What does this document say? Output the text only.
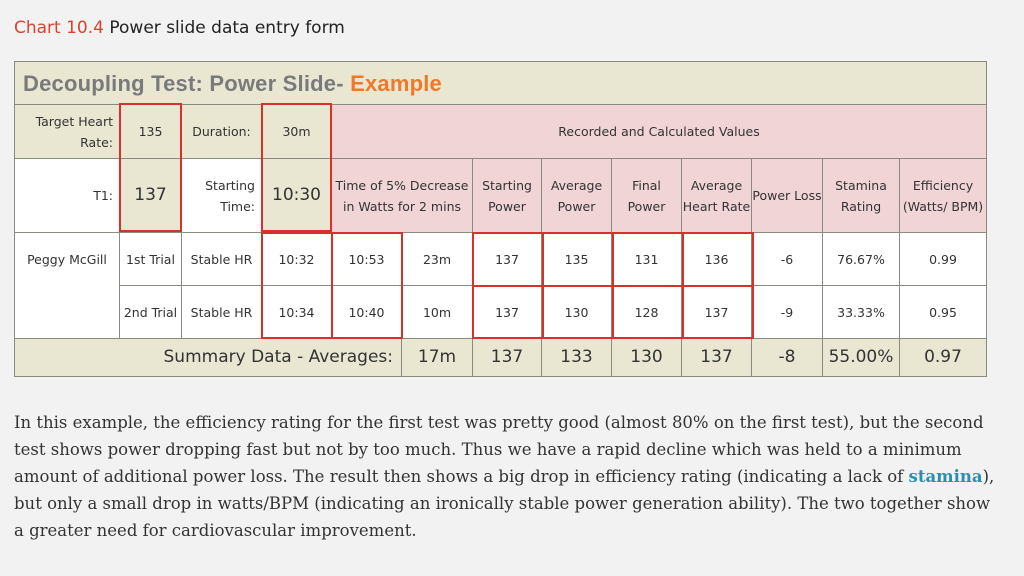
Chart 10.4 Power slide data entry form
Decoupling Test: Power Slide- Example												
Target Heart Rate:	135	Duration:	30m	Recorded and Calculated Values								
T1:	137	Starting Time:	10:30	Time of 5% Decrease in Watts for 2 mins		Starting Power	Average Power	Final Power	Average Heart Rate	Power Loss	Stamina Rating	Efficiency (Watts/ BPM)

Peggy McGill	1st Trial	Stable HR	10:32	10:53	23m	137	135	131	136	-6	76.67%	0.99
	2nd Trial	Stable HR	10:34	10:40	10m	137	130	128	137	-9	33.33%	0.95
Summary Data - Averages:					17m	137	133	130	137	-8	55.00%	0.97
In this example, the efficiency rating for the first test was pretty good (almost 80% on the first test), but the second test shows power dropping fast but not by too much. Thus we have a rapid decline which was held to a minimum amount of additional power loss. The result then shows a big drop in efficiency rating (indicating a lack of stamina), but only a small drop in watts/BPM (indicating an ironically stable power generation ability). The two together show a greater need for cardiovascular improvement.
